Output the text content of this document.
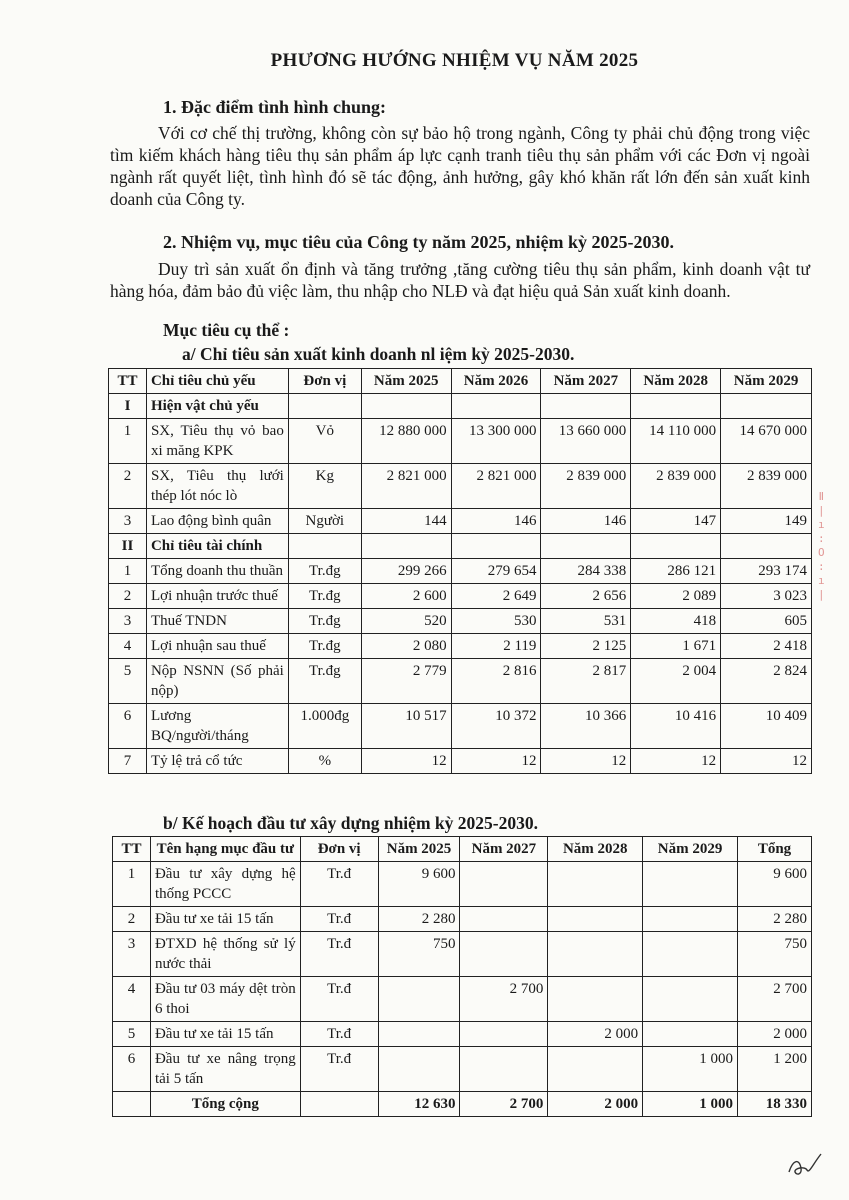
PHƯƠNG HƯỚNG NHIỆM VỤ NĂM 2025
1. Đặc điểm tình hình chung:
Với cơ chế thị trường, không còn sự bảo hộ trong ngành, Công ty phải chủ động trong việc tìm kiếm khách hàng tiêu thụ sản phẩm áp lực cạnh tranh tiêu thụ sản phẩm với các Đơn vị ngoài ngành rất quyết liệt, tình hình đó sẽ tác động, ảnh hưởng, gây khó khăn rất lớn đến sản xuất kinh doanh của Công ty.
2. Nhiệm vụ, mục tiêu của Công ty năm 2025, nhiệm kỳ 2025-2030.
Duy trì sản xuất ổn định và tăng trưởng ,tăng cường tiêu thụ sản phẩm, kinh doanh vật tư hàng hóa, đảm bảo đủ việc làm, thu nhập cho NLĐ và đạt hiệu quả Sản xuất kinh doanh.
Mục tiêu cụ thể :
a/ Chỉ tiêu sản xuất kinh doanh nl iệm kỳ 2025-2030.
TT	Chỉ tiêu chủ yếu	Đơn vị	Năm 2025	Năm 2026	Năm 2027	Năm 2028	Năm 2029
I	Hiện vật chủ yếu						
1	SX, Tiêu thụ vỏ bao xi măng KPK	Vỏ	12 880 000	13 300 000	13 660 000	14 110 000	14 670 000
2	SX, Tiêu thụ lưới thép lót nóc lò	Kg	2 821 000	2 821 000	2 839 000	2 839 000	2 839 000
3	Lao động bình quân	Người	144	146	146	147	149
II	Chỉ tiêu tài chính						
1	Tổng doanh thu thuần	Tr.đg	299 266	279 654	284 338	286 121	293 174
2	Lợi nhuận trước thuế	Tr.đg	2 600	2 649	2 656	2 089	3 023
3	Thuế TNDN	Tr.đg	520	530	531	418	605
4	Lợi nhuận sau thuế	Tr.đg	2 080	2 119	2 125	1 671	2 418
5	Nộp NSNN (Số phải nộp)	Tr.đg	2 779	2 816	2 817	2 004	2 824
6	Lương BQ/người/tháng	1.000đg	10 517	10 372	10 366	10 416	10 409
7	Tỷ lệ trả cổ tức	%	12	12	12	12	12
b/ Kế hoạch đầu tư xây dựng nhiệm kỳ 2025-2030.
TT	Tên hạng mục đầu tư	Đơn vị	Năm 2025	Năm 2027	Năm 2028	Năm 2029	Tổng
1	Đầu tư xây dựng hệ thống PCCC	Tr.đ	9 600				9 600
2	Đầu tư xe tải 15 tấn	Tr.đ	2 280				2 280
3	ĐTXD hệ thống sử lý nước thải	Tr.đ	750				750
4	Đầu tư 03 máy dệt tròn 6 thoi	Tr.đ		2 700			2 700
5	Đầu tư xe tải 15 tấn	Tr.đ			2 000		2 000
6	Đầu tư xe nâng trọng tải 5 tấn	Tr.đ				1 000	1 200
	Tổng cộng		12 630	2 700	2 000	1 000	18 330
ǁ
|
ı
:
O
:
ı
|
